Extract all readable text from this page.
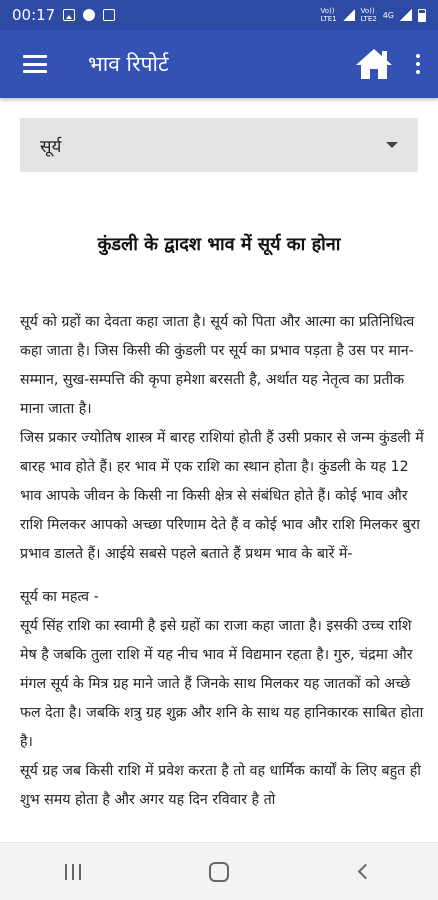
00:17	Vo))
LTE1
Vo))
LTE2 4G
भाव रिपोर्ट
सूर्य
कुंडली के द्वादश भाव में सूर्य का होना

सूर्य को ग्रहों का देवता कहा जाता है। सूर्य को पिता और आत्मा का प्रतिनिधित्व कहा जाता है। जिस किसी की कुंडली पर सूर्य का प्रभाव पड़ता है उस पर मान-सम्मान, सुख-सम्पत्ति की कृपा हमेशा बरसती है, अर्थात यह नेतृत्व का प्रतीक माना जाता है।

जिस प्रकार ज्योतिष शास्त्र में बारह राशियां होती हैं उसी प्रकार से जन्म कुंडली में बारह भाव होते हैं। हर भाव में एक राशि का स्थान होता है। कुंडली के यह 12 भाव आपके जीवन के किसी ना किसी क्षेत्र से संबंधित होते हैं। कोई भाव और राशि मिलकर आपको अच्छा परिणाम देते हैं व कोई भाव और राशि मिलकर बुरा प्रभाव डालते हैं। आईये सबसे पहले बताते हैं प्रथम भाव के बारें में-

सूर्य का महत्व -

सूर्य सिंह राशि का स्वामी है इसे ग्रहों का राजा कहा जाता है। इसकी उच्च राशि मेष है जबकि तुला राशि में यह नीच भाव में विद्यमान रहता है। गुरु, चंद्रमा और मंगल सूर्य के मित्र ग्रह माने जाते हैं जिनके साथ मिलकर यह जातकों को अच्छे फल देता है। जबकि शत्रु ग्रह शुक्र और शनि के साथ यह हानिकारक साबित होता है।

सूर्य ग्रह जब किसी राशि में प्रवेश करता है तो वह धार्मिक कार्यों के लिए बहुत ही शुभ समय होता है और अगर यह दिन रविवार है तो
